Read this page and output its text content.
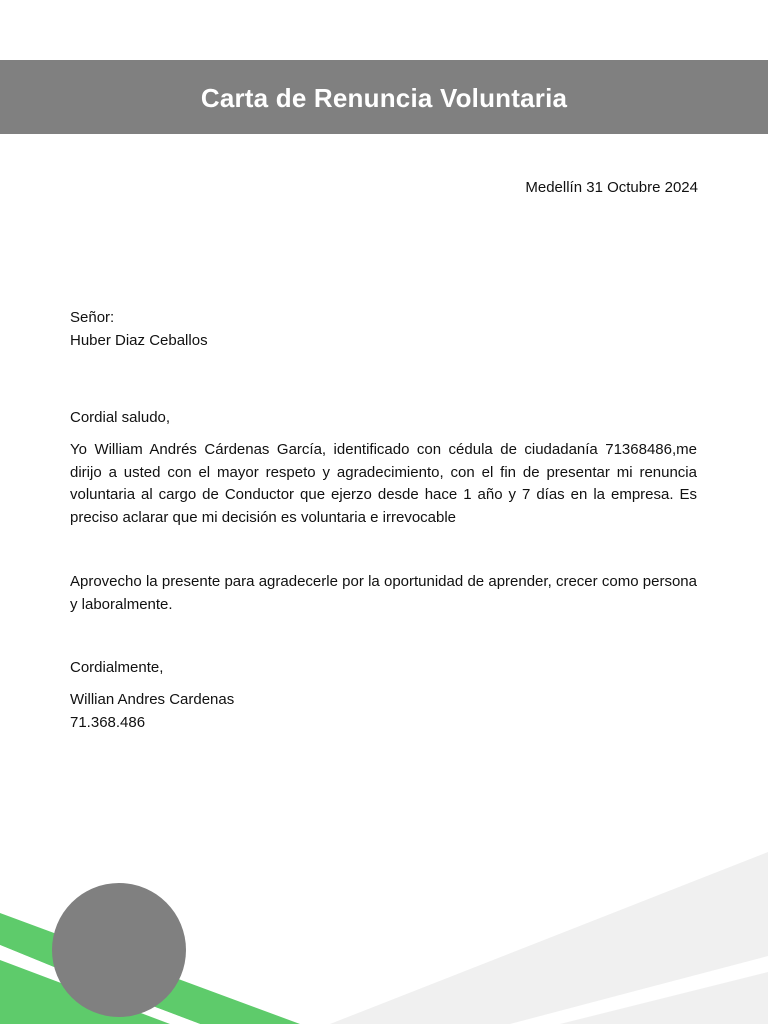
Carta de Renuncia Voluntaria
Medellín 31 Octubre 2024
Señor:
Huber Diaz Ceballos
Cordial saludo,
Yo William Andrés Cárdenas García, identificado con cédula de ciudadanía 71368486,me dirijo a usted con el mayor respeto y agradecimiento, con el fin de presentar mi renuncia voluntaria al cargo de Conductor que ejerzo desde hace 1 año y 7 días en la empresa. Es preciso aclarar que mi decisión es voluntaria e irrevocable
Aprovecho la presente para agradecerle por la oportunidad de aprender, crecer como persona y laboralmente.
Cordialmente,
Willian Andres Cardenas
71.368.486
